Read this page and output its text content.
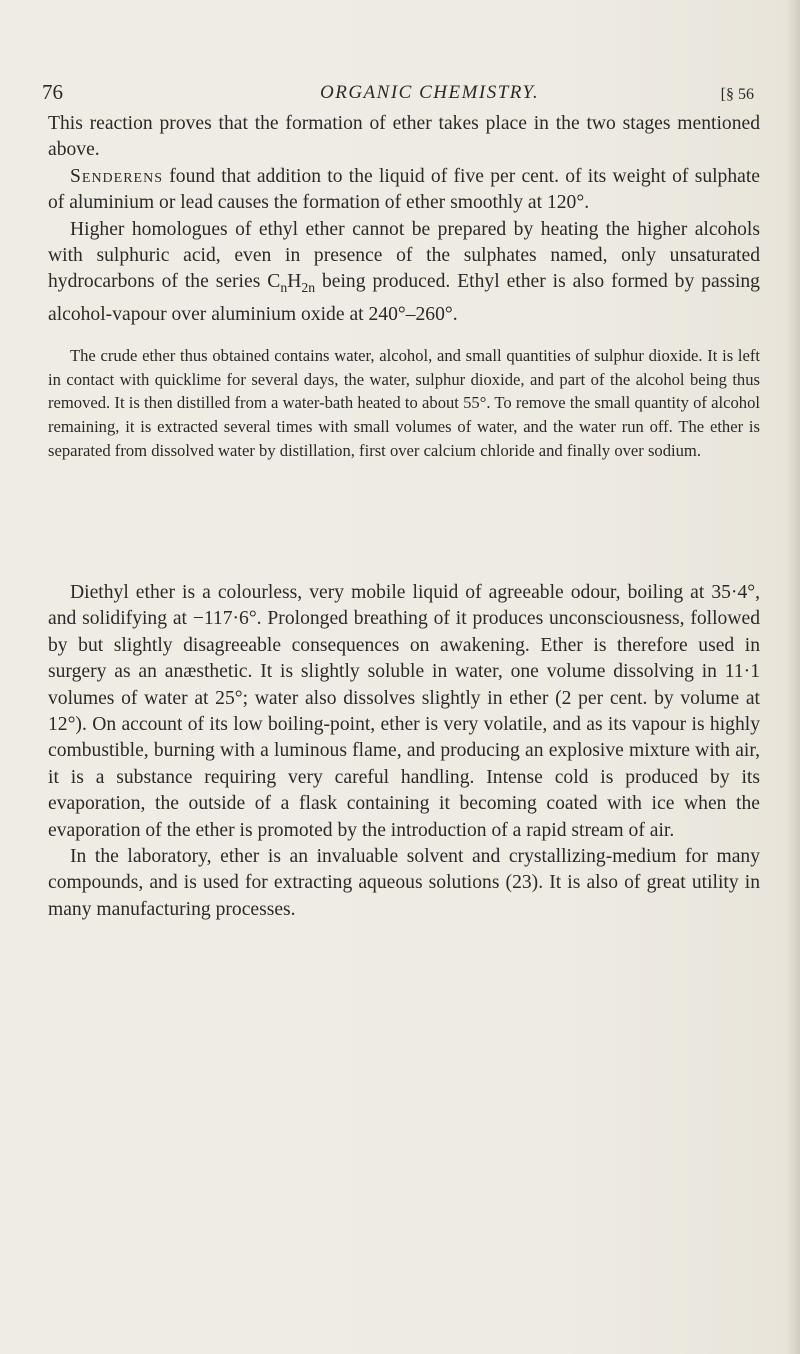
76	ORGANIC CHEMISTRY.	[§ 56

This reaction proves that the formation of ether takes place in the two stages mentioned above.

Senderens found that addition to the liquid of five per cent. of its weight of sulphate of aluminium or lead causes the formation of ether smoothly at 120°.

Higher homologues of ethyl ether cannot be prepared by heating the higher alcohols with sulphuric acid, even in presence of the sulphates named, only unsaturated hydrocarbons of the series $C_nH_{2n}$ being produced. Ethyl ether is also formed by passing alcohol-vapour over aluminium oxide at 240°–260°.

The crude ether thus obtained contains water, alcohol, and small quantities of sulphur dioxide. It is left in contact with quicklime for several days, the water, sulphur dioxide, and part of the alcohol being thus removed. It is then distilled from a water-bath heated to about 55°. To remove the small quantity of alcohol remaining, it is extracted several times with small volumes of water, and the water run off. The ether is separated from dissolved water by distillation, first over calcium chloride and finally over sodium.

Diethyl ether is a colourless, very mobile liquid of agreeable odour, boiling at 35·4°, and solidifying at −117·6°. Prolonged breathing of it produces unconsciousness, followed by but slightly disagreeable consequences on awakening. Ether is therefore used in surgery as an anæsthetic. It is slightly soluble in water, one volume dissolving in 11·1 volumes of water at 25°; water also dissolves slightly in ether (2 per cent. by volume at 12°). On account of its low boiling-point, ether is very volatile, and as its vapour is highly combustible, burning with a luminous flame, and producing an explosive mixture with air, it is a substance requiring very careful handling. Intense cold is produced by its evaporation, the outside of a flask containing it becoming coated with ice when the evaporation of the ether is promoted by the introduction of a rapid stream of air.

In the laboratory, ether is an invaluable solvent and crystallizing-medium for many compounds, and is used for extracting aqueous solutions (23). It is also of great utility in many manufacturing processes.
